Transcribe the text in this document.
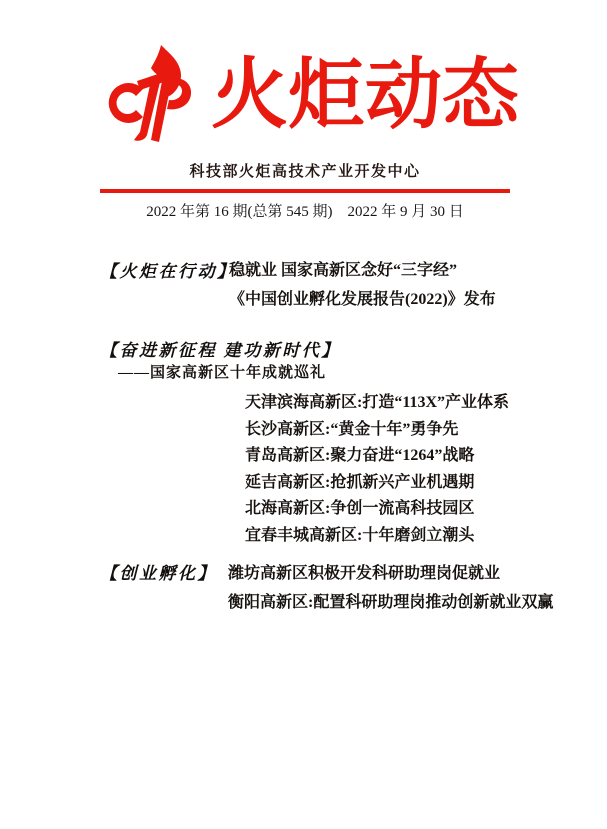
火炬动态
科技部火炬高技术产业开发中心
2022 年第 16 期(总第 545 期)　2022 年 9 月 30 日
【火炬在行动】
稳就业 国家高新区念好“三字经”
《中国创业孵化发展报告(2022)》发布
【奋进新征程 建功新时代】
——国家高新区十年成就巡礼
天津滨海高新区:打造“113X”产业体系
长沙高新区:“黄金十年”勇争先
青岛高新区:聚力奋进“1264”战略
延吉高新区:抢抓新兴产业机遇期
北海高新区:争创一流高科技园区
宜春丰城高新区:十年磨剑立潮头
【创业孵化】 潍坊高新区积极开发科研助理岗促就业
衡阳高新区:配置科研助理岗推动创新就业双赢
